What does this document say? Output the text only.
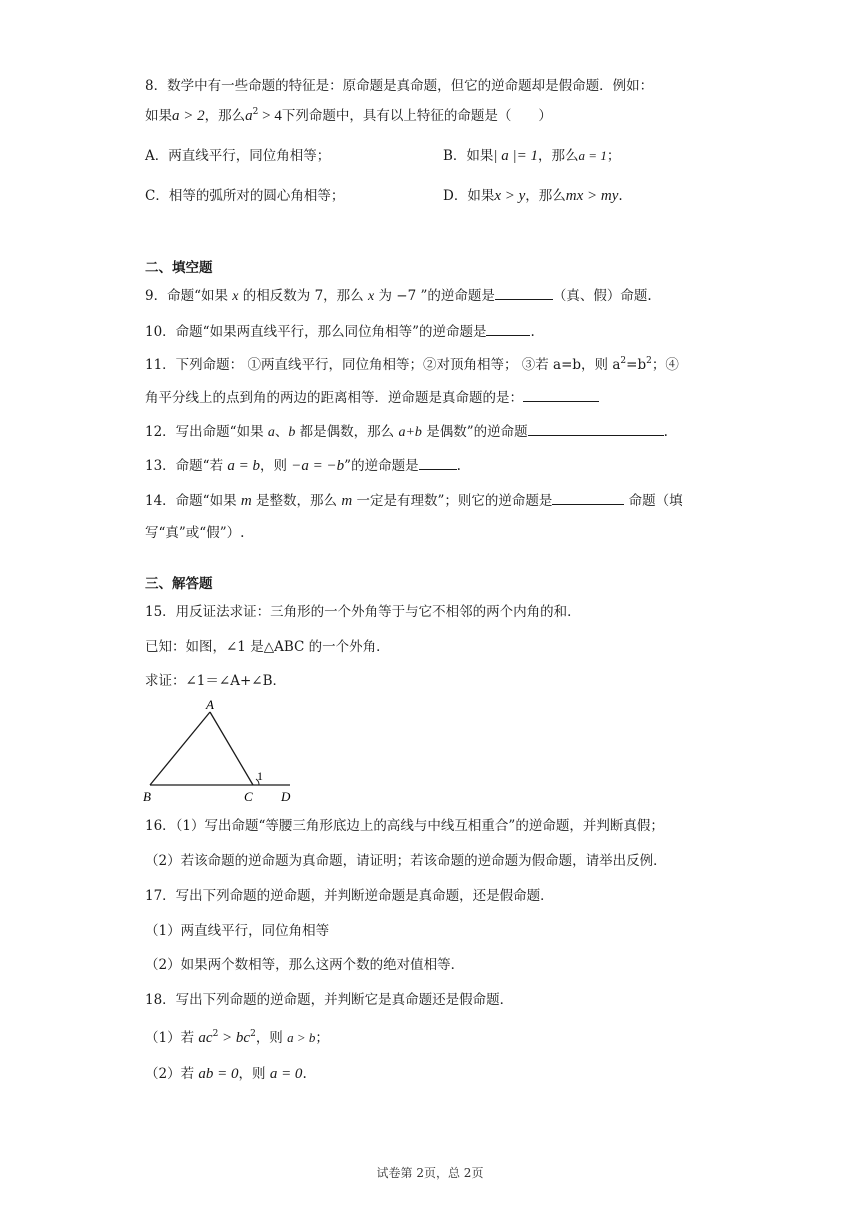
8．数学中有一些命题的特征是：原命题是真命题，但它的逆命题却是假命题．例如：
如果a > 2，那么$a^2 > 4$下列命题中，具有以上特征的命题是（　　）
A．两直线平行，同位角相等；	B．如果| a |= 1，那么a = 1；
C．相等的弧所对的圆心角相等；	D．如果x > y，那么mx > my.
二、填空题
9．命题“如果 x 的相反数为 7，那么 x 为 −7 ”的逆命题是	（真、假）命题.
10．命题“如果两直线平行，那么同位角相等”的逆命题是	.
11．下列命题： ①两直线平行，同位角相等；②对顶角相等； ③若 a=b，则 $a^2=b^2$；④
角平分线上的点到角的两边的距离相等．逆命题是真命题的是：
12．写出命题“如果 a、b 都是偶数，那么 a+b 是偶数”的逆命题	.
13．命题“若 a = b，则 −a = −b”的逆命题是	.
14．命题“如果 m 是整数，那么 m 一定是有理数”；则它的逆命题是	命题（填
写“真”或“假”）.
三、解答题
15．用反证法求证：三角形的一个外角等于与它不相邻的两个内角的和．
已知：如图，∠1 是△ABC 的一个外角．
求证：∠1＝∠A+∠B．
A
B	C D
1
16．（1）写出命题“等腰三角形底边上的高线与中线互相重合”的逆命题，并判断真假；
（2）若该命题的逆命题为真命题，请证明；若该命题的逆命题为假命题，请举出反例．
17．写出下列命题的逆命题，并判断逆命题是真命题，还是假命题．
（1）两直线平行，同位角相等
（2）如果两个数相等，那么这两个数的绝对值相等．
18．写出下列命题的逆命题，并判断它是真命题还是假命题．
（1）若 $ac^2 > bc^2$，则 a > b；
（2）若 ab = 0，则 a = 0.
试卷第 2页，总 2页
